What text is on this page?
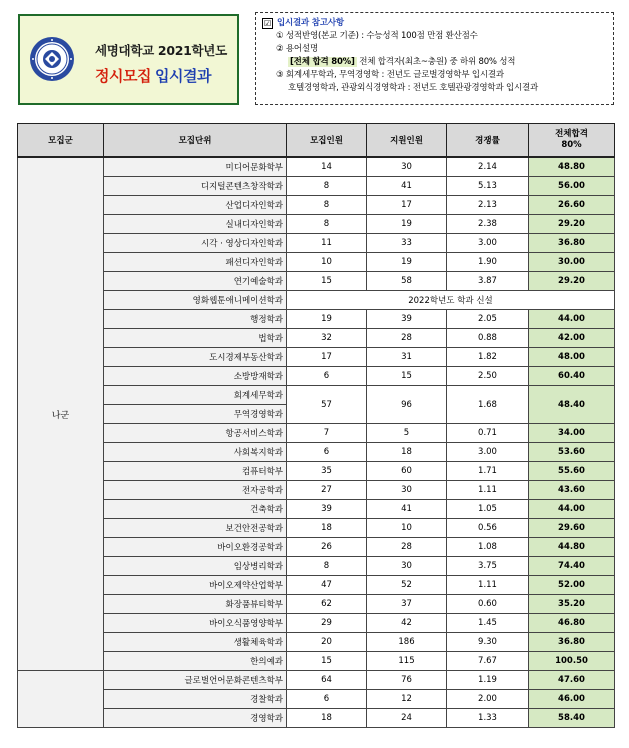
세명대학교 2021학년도
정시모집 입시결과
☑ 입시결과 참고사항
① 성적반영(본교 기준) : 수능성적 100점 만점 환산점수
② 용어설명
[전체 합격 80%] 전체 합격자(최초~충원) 중 하위 80% 성적
③ 회계세무학과, 무역경영학 : 전년도 글로벌경영학부 입시결과
호텔경영학과, 관광외식경영학과 : 전년도 호텔관광경영학과 입시결과
모집군	모집단위	모집인원	지원인원	경쟁률	전체합격
80%
나군	미디어문화학부	14	30	2.14	48.80
	디지털콘텐츠창작학과	8	41	5.13	56.00
	산업디자인학과	8	17	2.13	26.60
	실내디자인학과	8	19	2.38	29.20
	시각 · 영상디자인학과	11	33	3.00	36.80
	패션디자인학과	10	19	1.90	30.00
	연기예술학과	15	58	3.87	29.20
	영화웹툰애니메이션학과	2022학년도 학과 신설			
	행정학과	19	39	2.05	44.00
	법학과	32	28	0.88	42.00
	도시경제부동산학과	17	31	1.82	48.00
	소방방재학과	6	15	2.50	60.40
	회계세무학과	57	96	1.68	48.40
	무역경영학과				
	항공서비스학과	7	5	0.71	34.00
	사회복지학과	6	18	3.00	53.60
	컴퓨터학부	35	60	1.71	55.60
	전자공학과	27	30	1.11	43.60
	건축학과	39	41	1.05	44.00
	보건안전공학과	18	10	0.56	29.60
	바이오환경공학과	26	28	1.08	44.80
	임상병리학과	8	30	3.75	74.40
	바이오제약산업학부	47	52	1.11	52.00
	화장품뷰티학부	62	37	0.60	35.20
	바이오식품영양학부	29	42	1.45	46.80
	생활체육학과	20	186	9.30	36.80
	한의예과	15	115	7.67	100.50
	글로벌언어문화콘텐츠학부	64	76	1.19	47.60
	경찰학과	6	12	2.00	46.00
	경영학과	18	24	1.33	58.40
